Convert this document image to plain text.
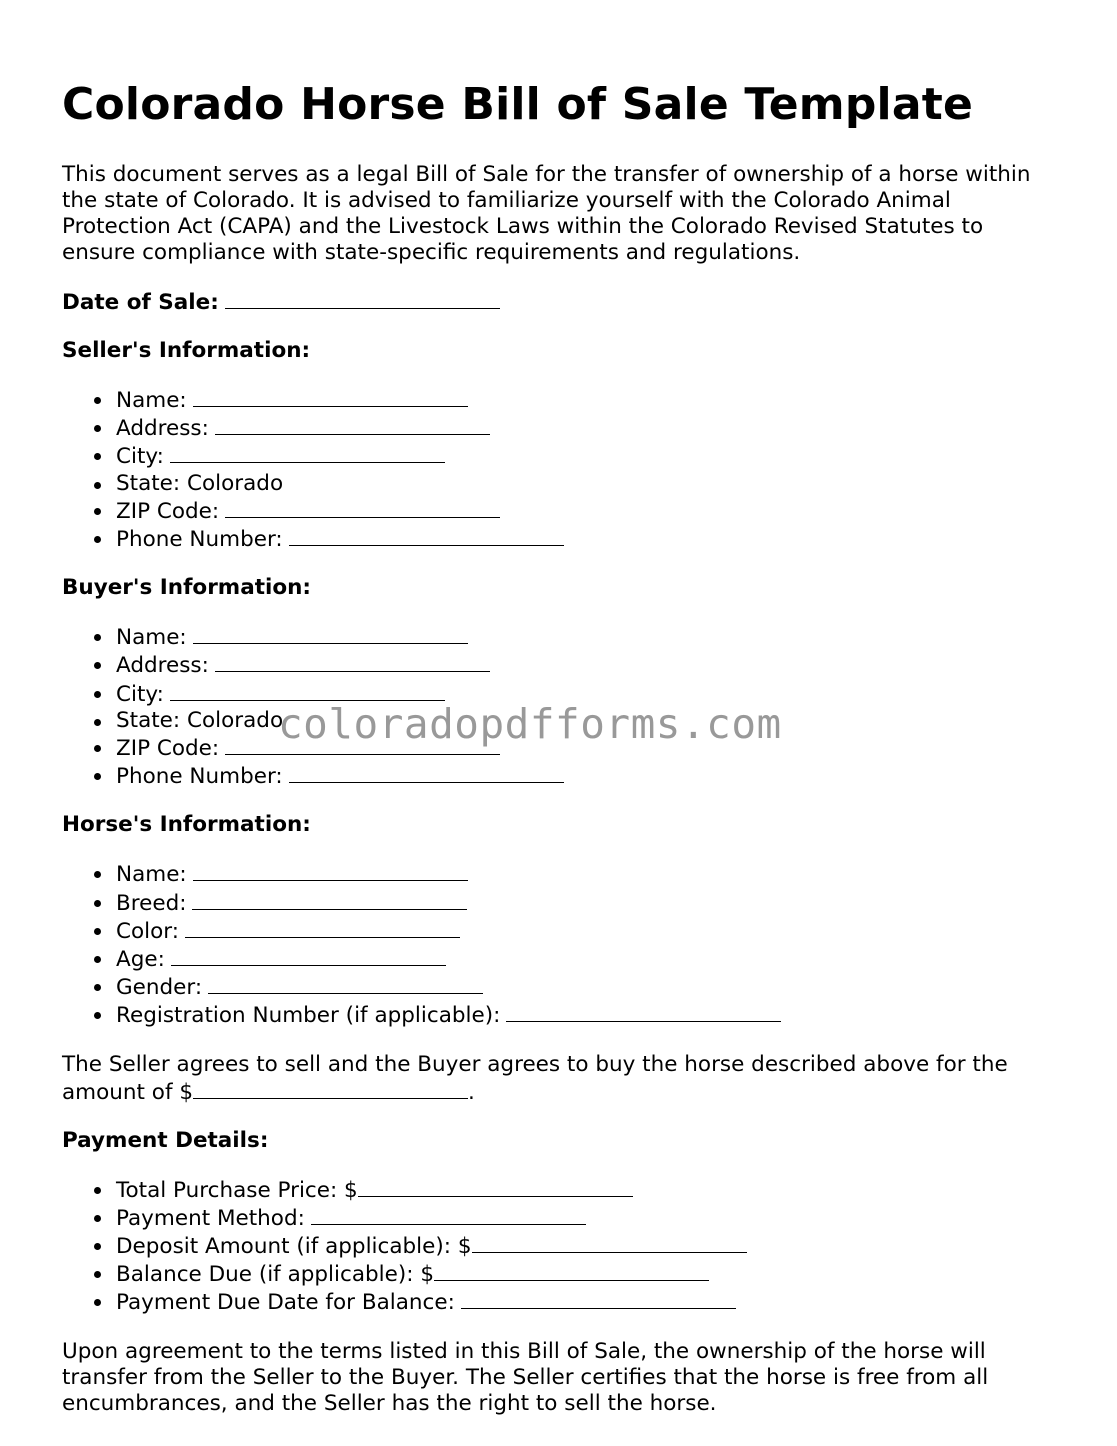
Colorado Horse Bill of Sale Template

This document serves as a legal Bill of Sale for the transfer of ownership of a horse within the state of Colorado. It is advised to familiarize yourself with the Colorado Animal Protection Act (CAPA) and the Livestock Laws within the Colorado Revised Statutes to ensure compliance with state-specific requirements and regulations.

Date of Sale:
Seller's Information:
Name:
Address:
City:
State: Colorado
ZIP Code:
Phone Number:
Buyer's Information:
Name:
Address:
City:
State: Colorado
ZIP Code:
Phone Number:
Horse's Information:
Name:
Breed:
Color:
Age:
Gender:
Registration Number (if applicable):

The Seller agrees to sell and the Buyer agrees to buy the horse described above for the amount of $	.

Payment Details:
Total Purchase Price: $
Payment Method:
Deposit Amount (if applicable): $
Balance Due (if applicable): $
Payment Due Date for Balance:

Upon agreement to the terms listed in this Bill of Sale, the ownership of the horse will transfer from the Seller to the Buyer. The Seller certifies that the horse is free from all encumbrances, and the Seller has the right to sell the horse.

coloradopdfforms.com
